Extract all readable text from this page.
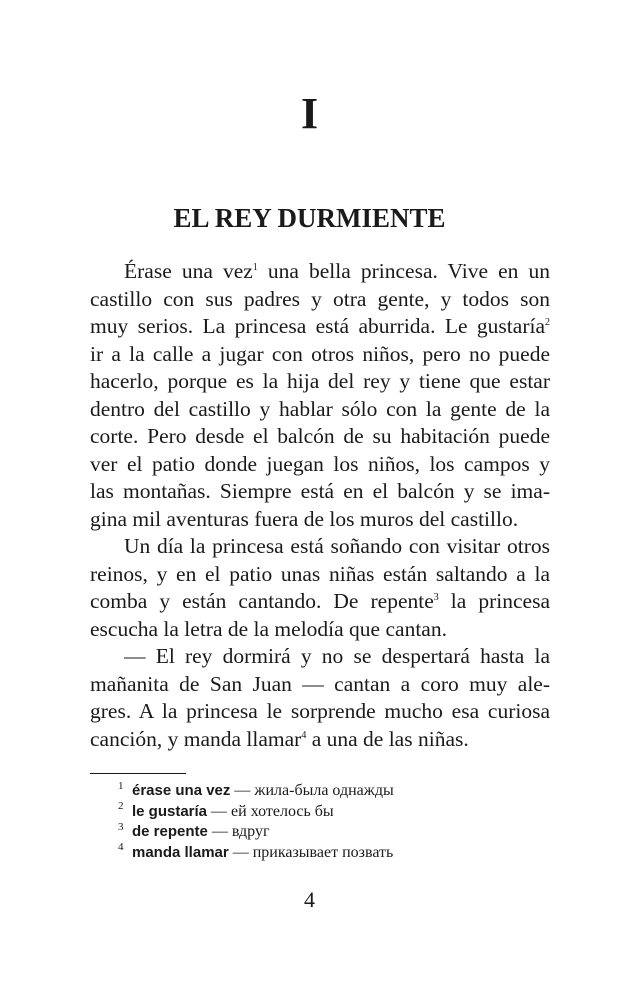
I
EL REY DURMIENTE
Érase una vez$^1$ una bella princesa. Vive en un
castillo con sus padres y otra gente, y todos son
muy serios. La princesa está aburrida. Le gustaría$^2$
ir a la calle a jugar con otros niños, pero no puede
hacerlo, porque es la hija del rey y tiene que estar
dentro del castillo y hablar sólo con la gente de la
corte. Pero desde el balcón de su habitación puede
ver el patio donde juegan los niños, los campos y
las montañas. Siempre está en el balcón y se ima-
gina mil aventuras fuera de los muros del castillo.
Un día la princesa está soñando con visitar otros
reinos, y en el patio unas niñas están saltando a la
comba y están cantando. De repente$^3$ la princesa
escucha la letra de la melodía que cantan.
— El rey dormirá y no se despertará hasta la
mañanita de San Juan — cantan a coro muy ale-
gres. A la princesa le sorprende mucho esa curiosa
canción, y manda llamar$^4$ a una de las niñas.
1 érase una vez — жила-была однажды
2 le gustaría — ей хотелось бы
3 de repente — вдруг
4 manda llamar — приказывает позвать
4
